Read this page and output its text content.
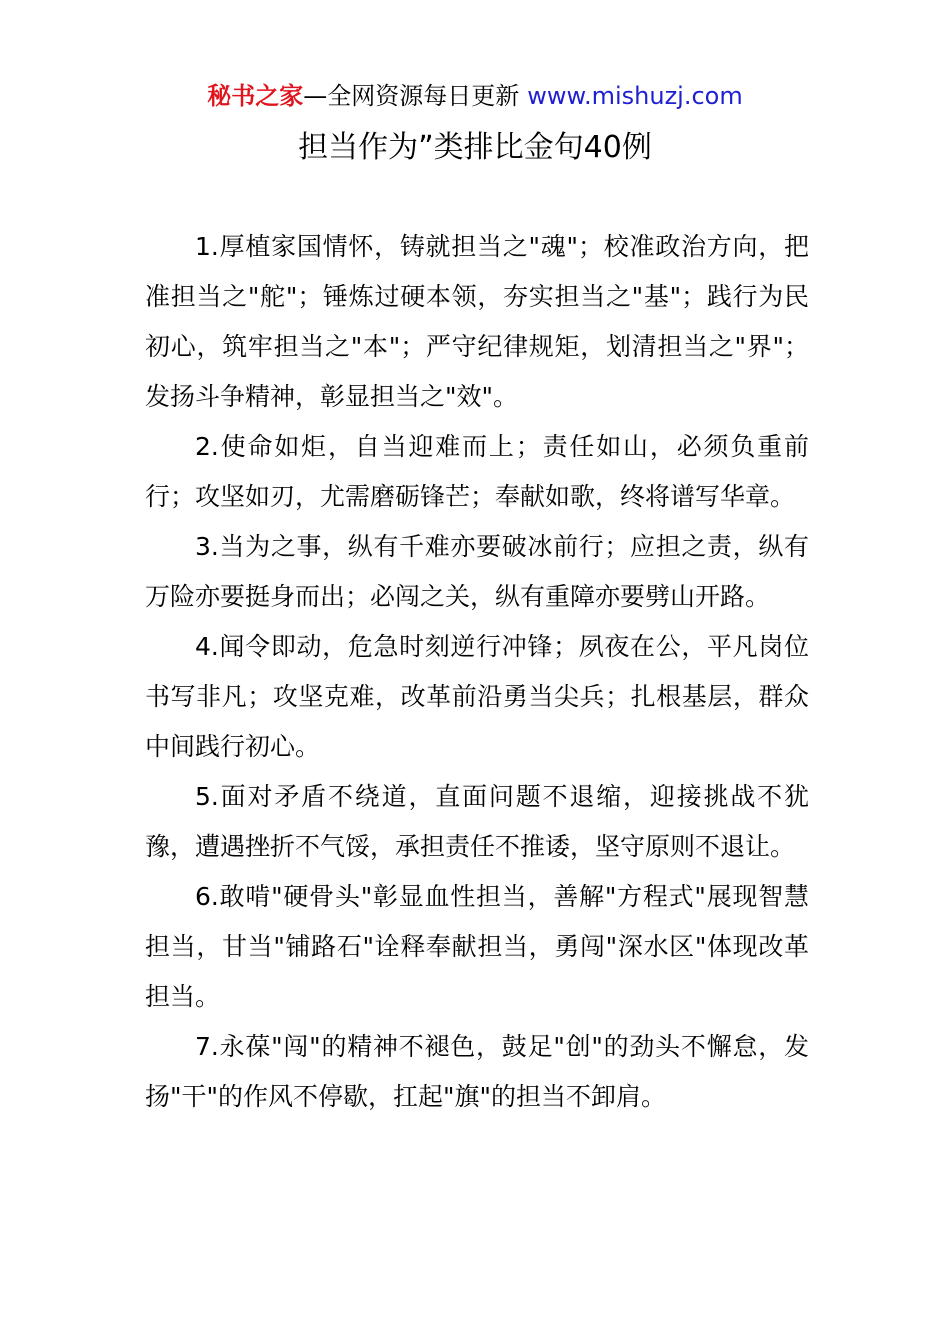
秘书之家—全网资源每日更新 www.mishuzj.com
担当作为”类排比金句40例

1.厚植家国情怀，铸就担当之"魂"；校准政治方向，把准担当之"舵"；锤炼过硬本领，夯实担当之"基"；践行为民初心，筑牢担当之"本"；严守纪律规矩，划清担当之"界"；发扬斗争精神，彰显担当之"效"。

2.使命如炬，自当迎难而上；责任如山，必须负重前行；攻坚如刃，尤需磨砺锋芒；奉献如歌，终将谱写华章。

3.当为之事，纵有千难亦要破冰前行；应担之责，纵有万险亦要挺身而出；必闯之关，纵有重障亦要劈山开路。

4.闻令即动，危急时刻逆行冲锋；夙夜在公，平凡岗位书写非凡；攻坚克难，改革前沿勇当尖兵；扎根基层，群众中间践行初心。

5.面对矛盾不绕道，直面问题不退缩，迎接挑战不犹豫，遭遇挫折不气馁，承担责任不推诿，坚守原则不退让。

6.敢啃"硬骨头"彰显血性担当，善解"方程式"展现智慧担当，甘当"铺路石"诠释奉献担当，勇闯"深水区"体现改革担当。

7.永葆"闯"的精神不褪色，鼓足"创"的劲头不懈怠，发扬"干"的作风不停歇，扛起"旗"的担当不卸肩。
